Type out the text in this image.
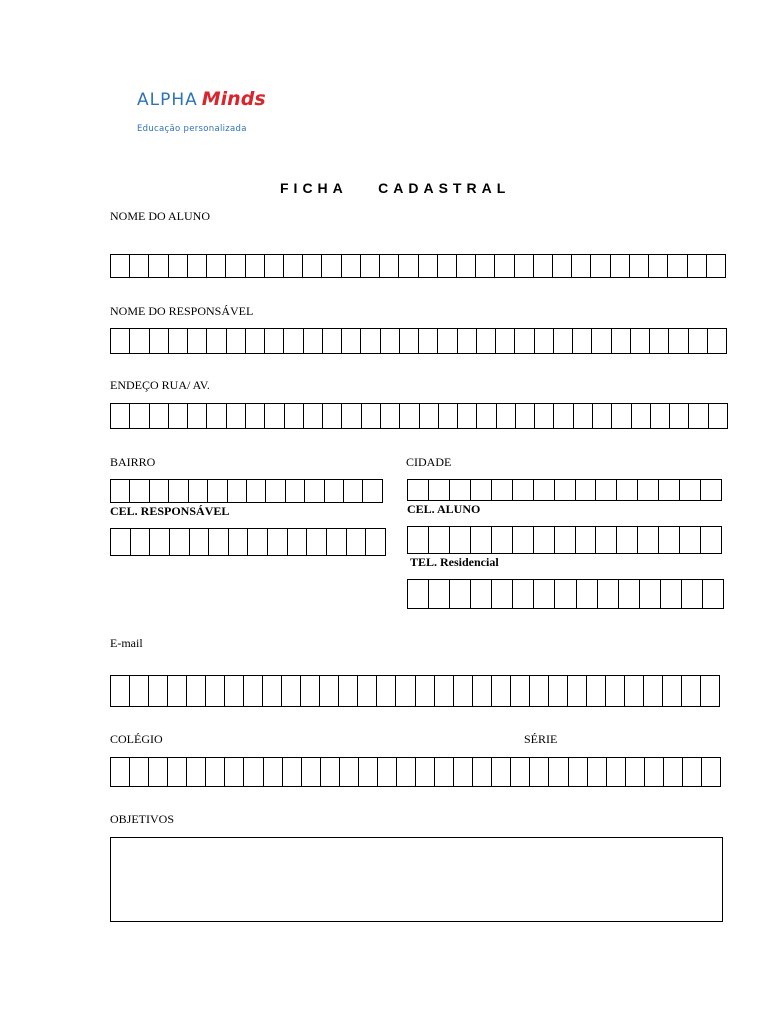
ALPHA Minds
Educação personalizada
FICHA CADASTRAL
NOME DO ALUNO
NOME DO RESPONSÁVEL
ENDEÇO RUA/ AV.
BAIRRO	CIDADE
CEL. RESPONSÁVEL	CEL. ALUNO
TEL. Residencial
E-mail
COLÉGIO	SÉRIE
OBJETIVOS
